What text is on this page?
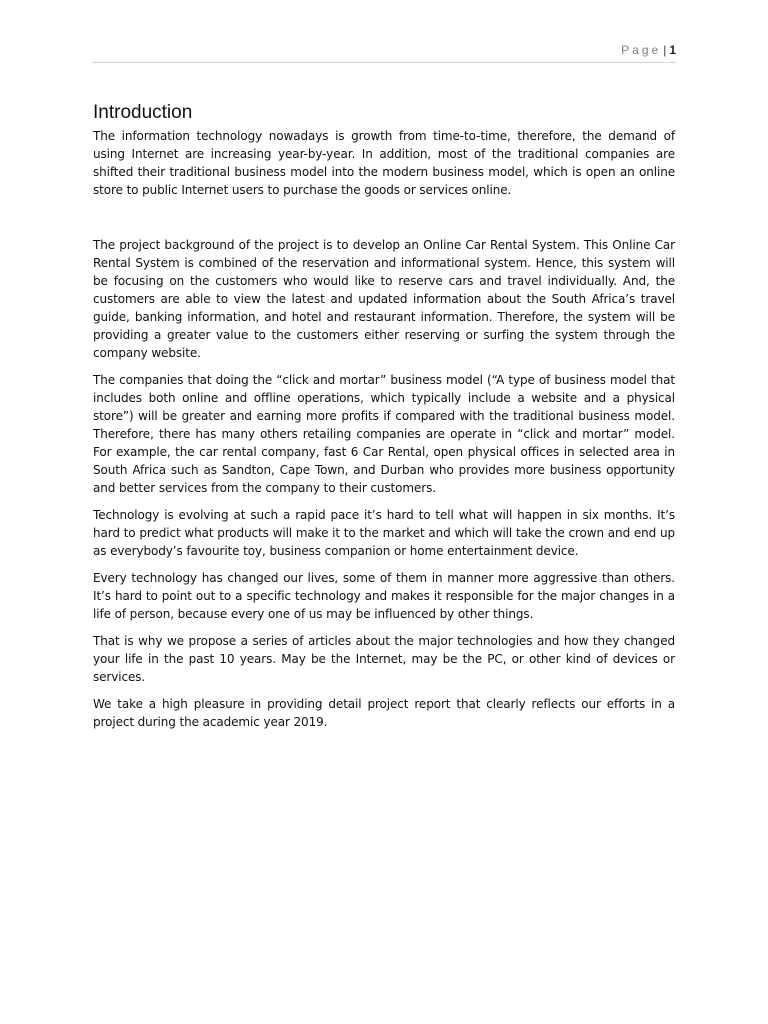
Page | 1
Introduction

The information technology nowadays is growth from time-to-time, therefore, the demand of using Internet are increasing year-by-year. In addition, most of the traditional companies are shifted their traditional business model into the modern business model, which is open an online store to public Internet users to purchase the goods or services online.

The project background of the project is to develop an Online Car Rental System. This Online Car Rental System is combined of the reservation and informational system. Hence, this system will be focusing on the customers who would like to reserve cars and travel individually. And, the customers are able to view the latest and updated information about the South Africa’s travel guide, banking information, and hotel and restaurant information. Therefore, the system will be providing a greater value to the customers either reserving or surfing the system through the company website.

The companies that doing the “click and mortar” business model (“A type of business model that includes both online and offline operations, which typically include a website and a physical store”) will be greater and earning more profits if compared with the traditional business model. Therefore, there has many others retailing companies are operate in “click and mortar” model. For example, the car rental company, fast 6 Car Rental, open physical offices in selected area in South Africa such as Sandton, Cape Town, and Durban who provides more business opportunity and better services from the company to their customers.

Technology is evolving at such a rapid pace it’s hard to tell what will happen in six months. It’s hard to predict what products will make it to the market and which will take the crown and end up as everybody’s favourite toy, business companion or home entertainment device.

Every technology has changed our lives, some of them in manner more aggressive than others. It’s hard to point out to a specific technology and makes it responsible for the major changes in a life of person, because every one of us may be influenced by other things.

That is why we propose a series of articles about the major technologies and how they changed your life in the past 10 years. May be the Internet, may be the PC, or other kind of devices or services.

We take a high pleasure in providing detail project report that clearly reflects our efforts in a project during the academic year 2019.
